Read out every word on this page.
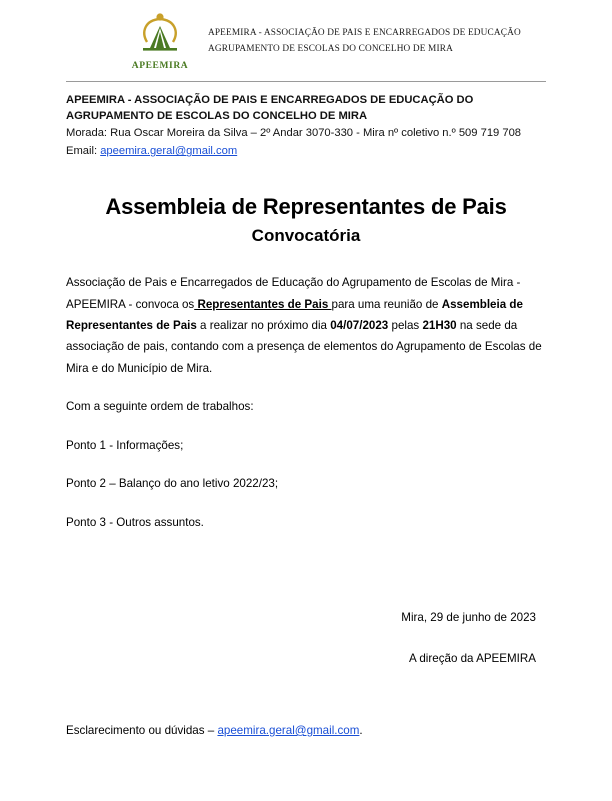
APEEMIRA
APEEMIRA - ASSOCIAÇÃO DE PAIS E ENCARREGADOS DE EDUCAÇÃO
AGRUPAMENTO DE ESCOLAS DO CONCELHO DE MIRA
APEEMIRA - ASSOCIAÇÃO DE PAIS E ENCARREGADOS DE EDUCAÇÃO DO
AGRUPAMENTO DE ESCOLAS DO CONCELHO DE MIRA
Morada: Rua Oscar Moreira da Silva – 2º Andar 3070-330 - Mira nº coletivo n.º 509 719 708
Email: apeemira.geral@gmail.com
Assembleia de Representantes de Pais
Convocatória

Associação de Pais e Encarregados de Educação do Agrupamento de Escolas de Mira - APEEMIRA - convoca os Representantes de Pais para uma reunião de Assembleia de Representantes de Pais a realizar no próximo dia 04/07/2023 pelas 21H30 na sede da associação de pais, contando com a presença de elementos do Agrupamento de Escolas de Mira e do Município de Mira.

Com a seguinte ordem de trabalhos:

Ponto 1 - Informações;

Ponto 2 – Balanço do ano letivo 2022/23;

Ponto 3 - Outros assuntos.

Mira, 29 de junho de 2023
A direção da APEEMIRA
Esclarecimento ou dúvidas – apeemira.geral@gmail.com.
